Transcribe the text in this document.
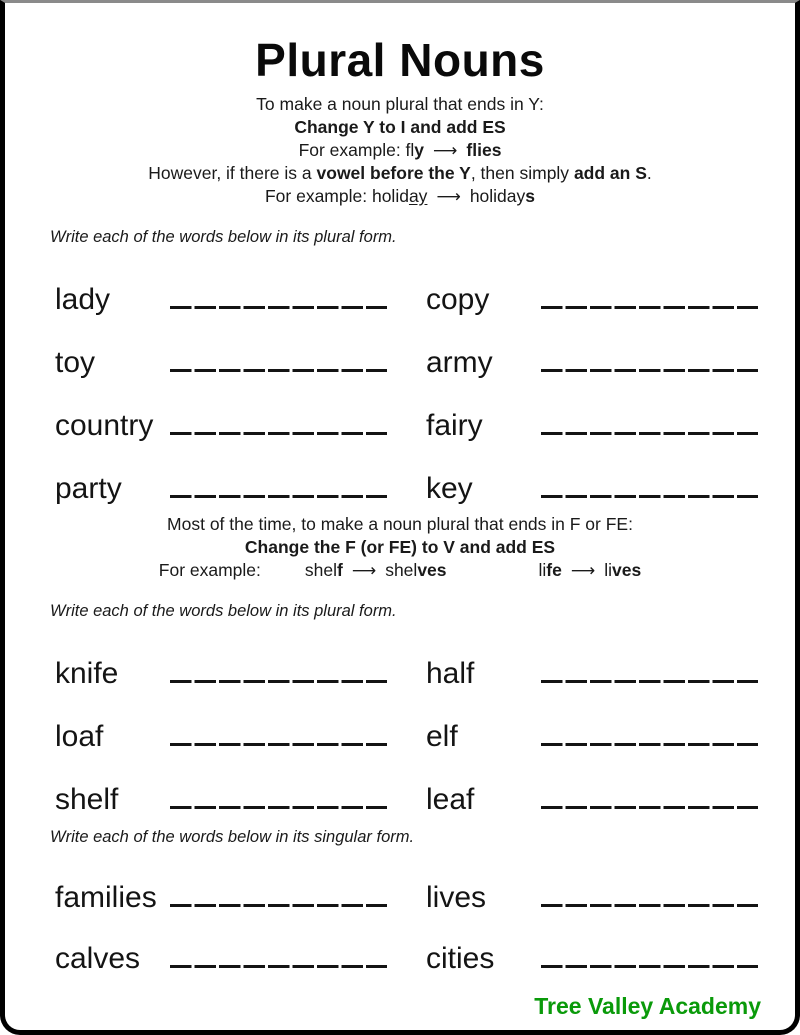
Plural Nouns

To make a noun plural that ends in Y:

Change Y to I and add ES

For example: fly ⟶ flies

However, if there is a vowel before the Y, then simply add an S.

For example: holiday ⟶ holidays

Write each of the words below in its plural form.

lady	copy
toy	army
country	fairy
party	key

Most of the time, to make a noun plural that ends in F or FE:

Change the F (or FE) to V and add ES

For example:	shelf ⟶ shelves	life ⟶ lives

Write each of the words below in its plural form.

knife	half
loaf	elf
shelf	leaf

Write each of the words below in its singular form.

families	lives
calves	cities
Tree Valley Academy
